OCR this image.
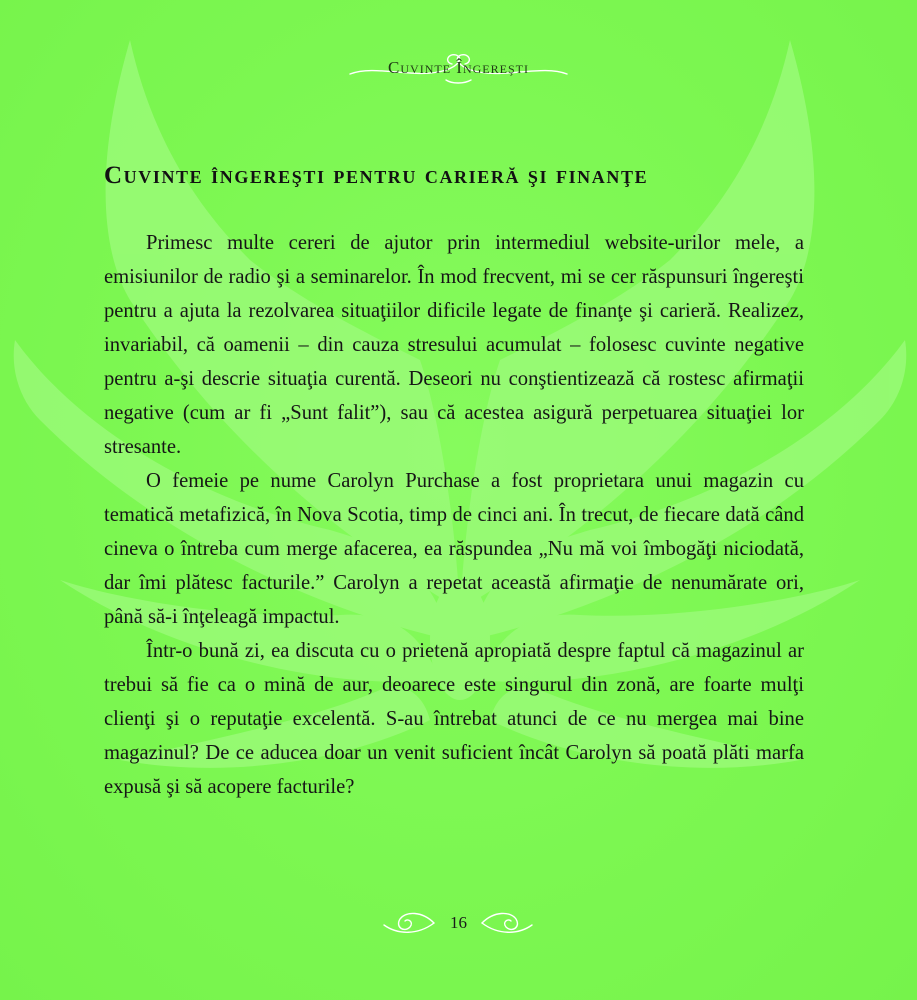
Cuvinte Îngereşti
Cuvinte îngereşti pentru carieră şi finanţe

Primesc multe cereri de ajutor prin intermediul website-urilor mele, a emisiunilor de radio şi a seminarelor. În mod frecvent, mi se cer răspunsuri îngereşti pentru a ajuta la rezolvarea situaţiilor dificile legate de finanţe şi carieră. Realizez, invariabil, că oamenii – din cauza stresului acumulat – folosesc cuvinte negative pentru a-şi descrie situaţia curentă. Deseori nu conştientizează că rostesc afirmaţii negative (cum ar fi „Sunt falit”), sau că acestea asigură perpetuarea situaţiei lor stresante.

O femeie pe nume Carolyn Purchase a fost proprietara unui magazin cu tematică metafizică, în Nova Scotia, timp de cinci ani. În trecut, de fiecare dată când cineva o întreba cum merge afacerea, ea răspundea „Nu mă voi îmbogăţi niciodată, dar îmi plătesc facturile.” Carolyn a repetat această afirmaţie de nenumărate ori, până să-i înţeleagă impactul.

Într-o bună zi, ea discuta cu o prietenă apropiată despre faptul că magazinul ar trebui să fie ca o mină de aur, deoarece este singurul din zonă, are foarte mulţi clienţi şi o reputaţie excelentă. S-au întrebat atunci de ce nu mergea mai bine magazinul? De ce aducea doar un venit suficient încât Carolyn să poată plăti marfa expusă şi să acopere facturile?

16
